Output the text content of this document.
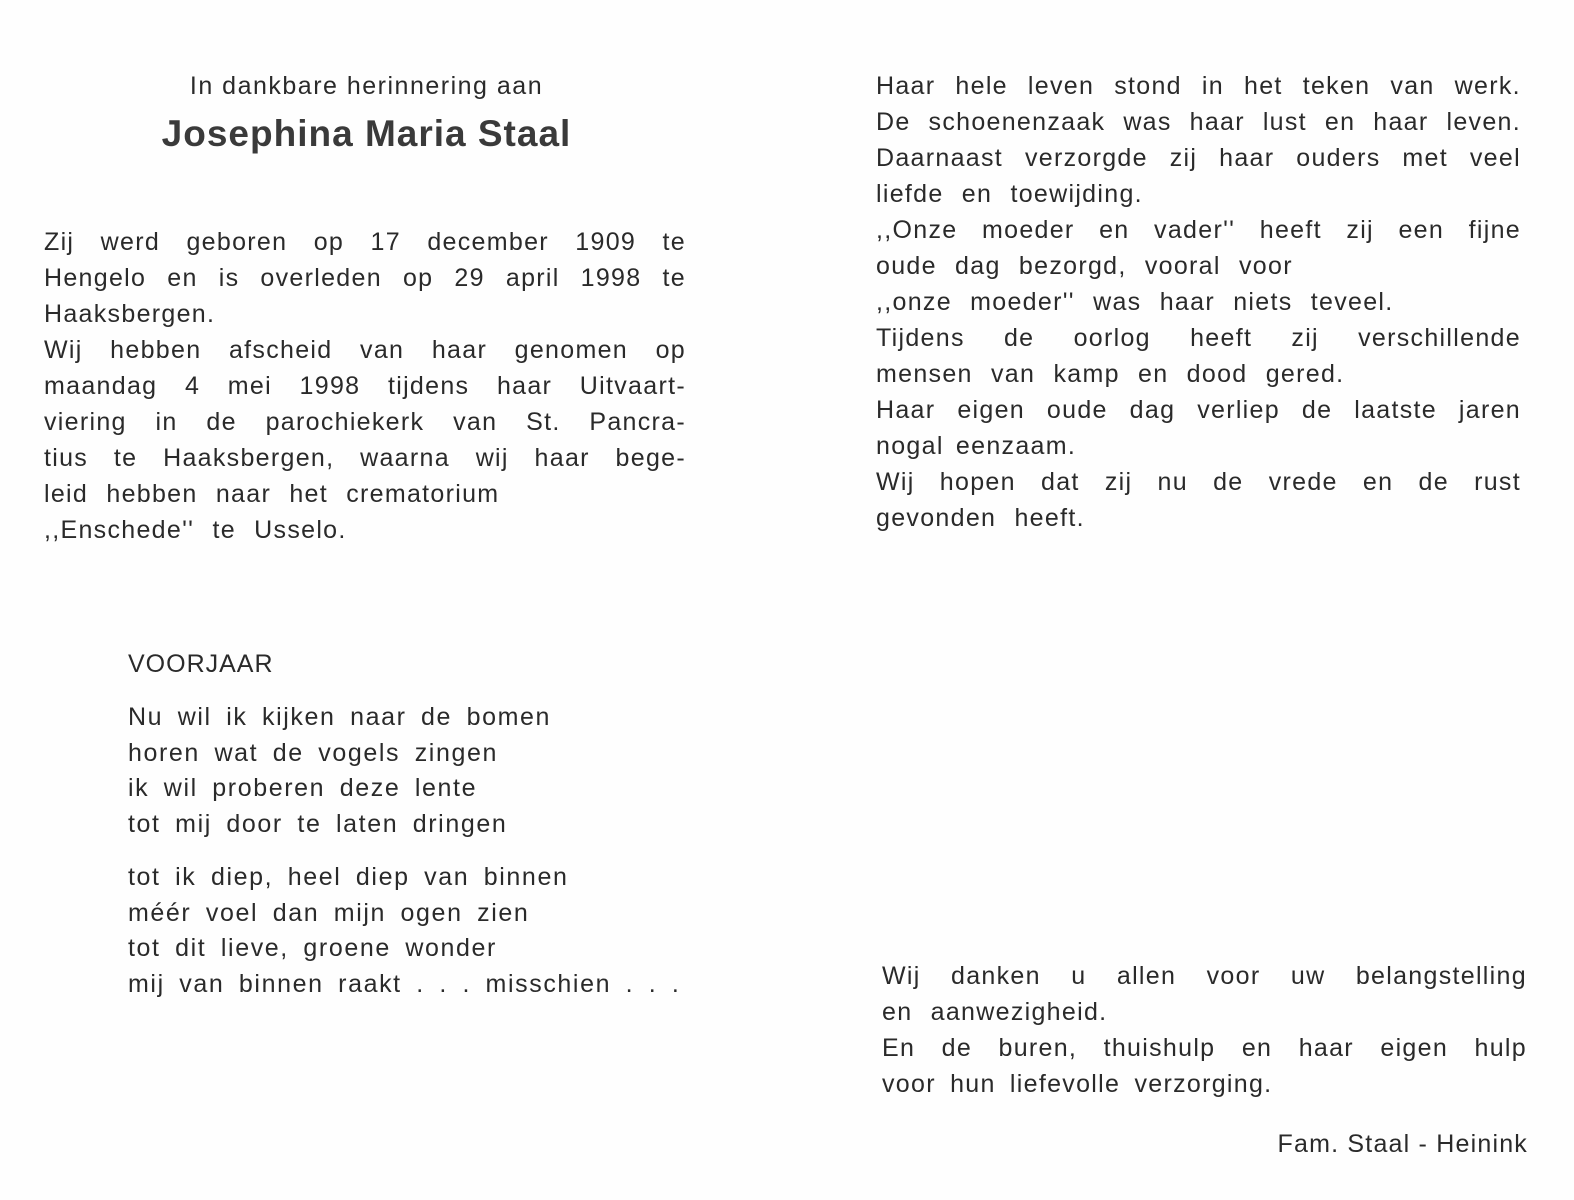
In dankbare herinnering aan

Josephina Maria Staal
Zij werd geboren op 17 december 1909 te
Hengelo en is overleden op 29 april 1998 te
Haaksbergen.
Wij hebben afscheid van haar genomen op
maandag 4 mei 1998 tijdens haar Uitvaart-
viering in de parochiekerk van St. Pancra-
tius te Haaksbergen, waarna wij haar bege-
leid hebben naar het crematorium
,,Enschede'' te Usselo.

VOORJAAR

Nu wil ik kijken naar de bomen
horen wat de vogels zingen
ik wil proberen deze lente
tot mij door te laten dringen
tot ik diep, heel diep van binnen
méér voel dan mijn ogen zien
tot dit lieve, groene wonder
mij van binnen raakt . . . misschien . . .
Haar hele leven stond in het teken van werk.
De schoenenzaak was haar lust en haar leven.
Daarnaast verzorgde zij haar ouders met veel
liefde en toewijding.
,,Onze moeder en vader'' heeft zij een fijne
oude dag bezorgd, vooral voor
,,onze moeder'' was haar niets teveel.
Tijdens de oorlog heeft zij verschillende
mensen van kamp en dood gered.
Haar eigen oude dag verliep de laatste jaren
nogal eenzaam.
Wij hopen dat zij nu de vrede en de rust
gevonden heeft.
Wij danken u allen voor uw belangstelling
en aanwezigheid.
En de buren, thuishulp en haar eigen hulp
voor hun liefevolle verzorging.
Fam. Staal - Heinink
